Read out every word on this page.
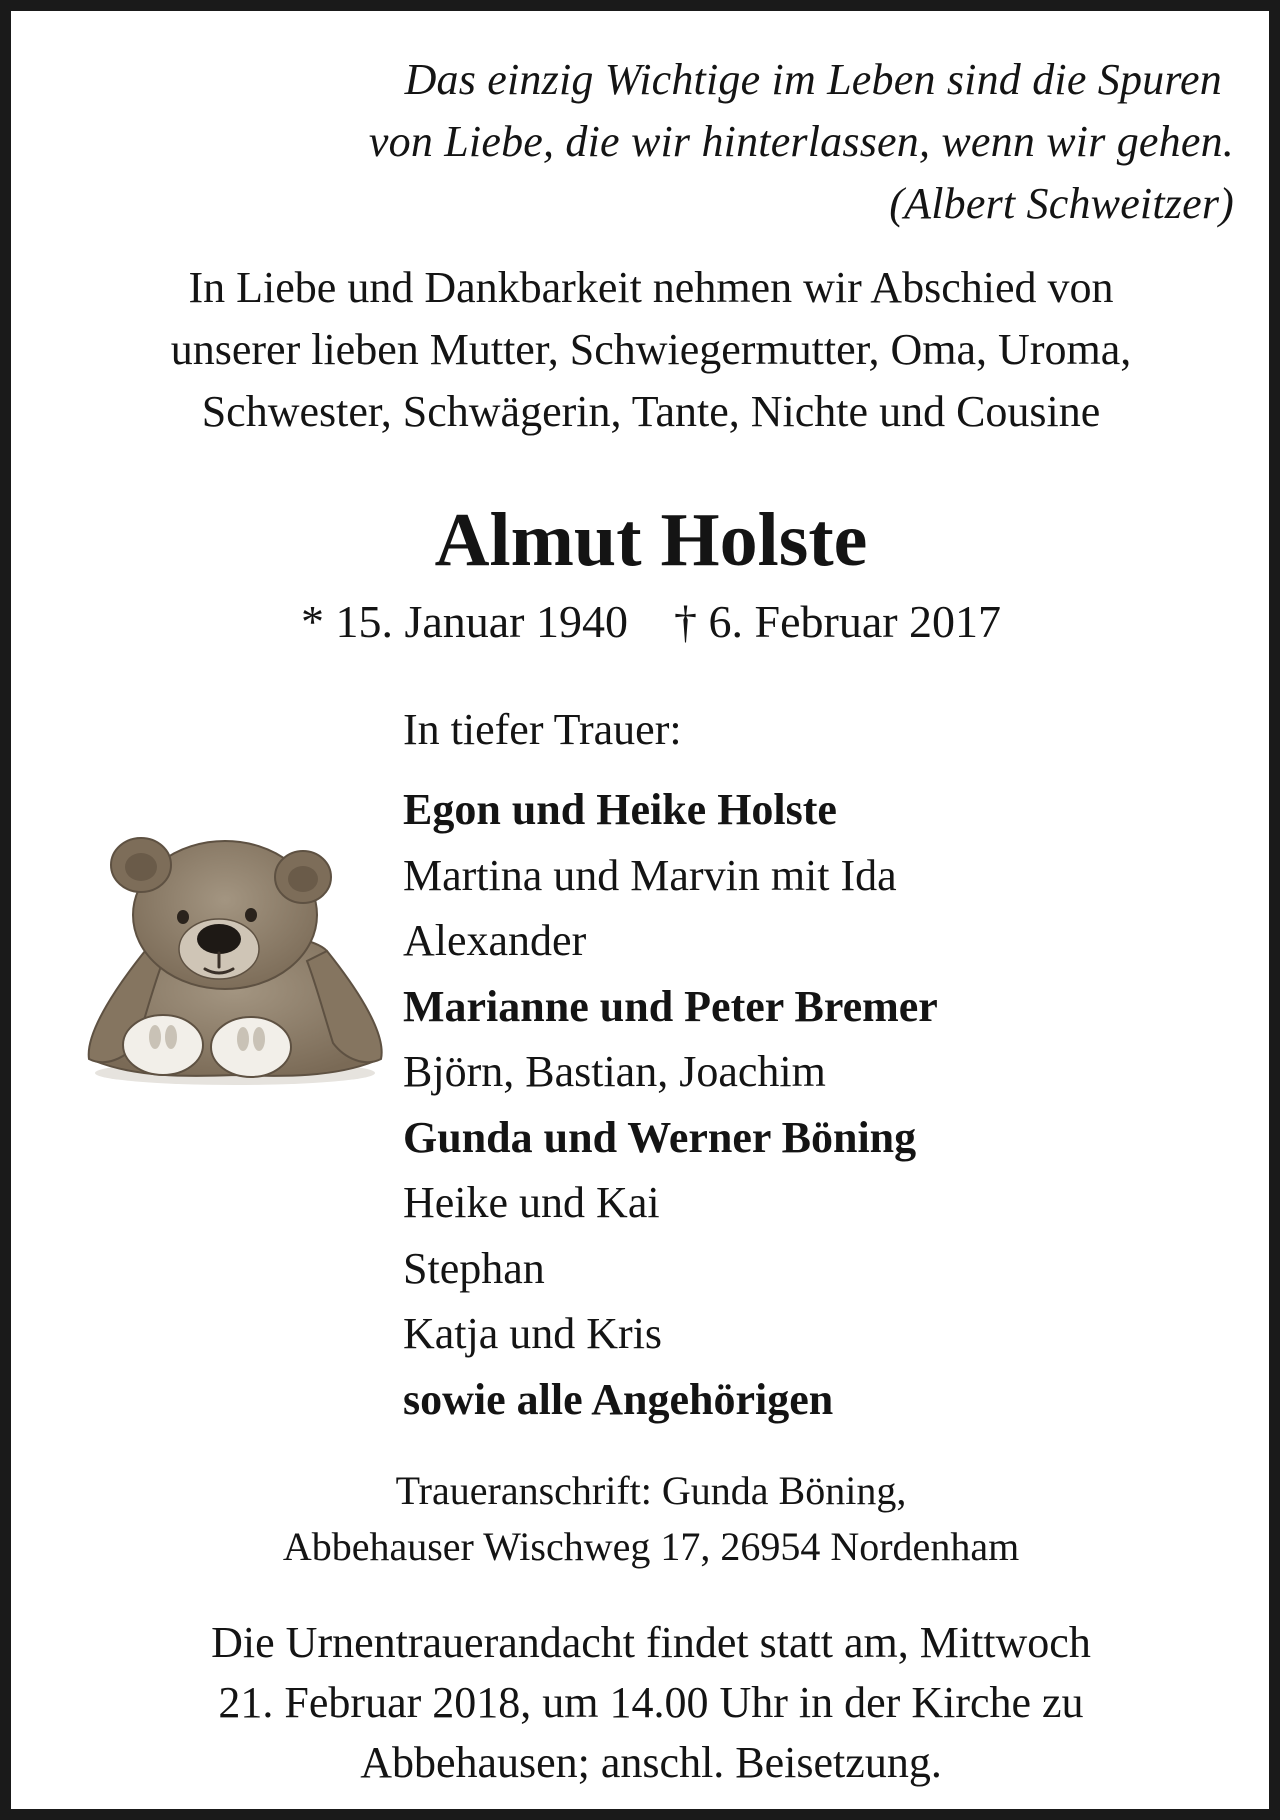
Das einzig Wichtige im Leben sind die Spuren
von Liebe, die wir hinterlassen, wenn wir gehen.
(Albert Schweitzer)
In Liebe und Dankbarkeit nehmen wir Abschied von
unserer lieben Mutter, Schwiegermutter, Oma, Uroma,
Schwester, Schwägerin, Tante, Nichte und Cousine
Almut Holste
* 15. Januar 1940 † 6. Februar 2017
In tiefer Trauer:
Egon und Heike Holste
Martina und Marvin mit Ida
Alexander
Marianne und Peter Bremer
Björn, Bastian, Joachim
Gunda und Werner Böning
Heike und Kai
Stephan
Katja und Kris
sowie alle Angehörigen
Traueranschrift: Gunda Böning,
Abbehauser Wischweg 17, 26954 Nordenham
Die Urnentrauerandacht findet statt am, Mittwoch
21. Februar 2018, um 14.00 Uhr in der Kirche zu
Abbehausen; anschl. Beisetzung.
